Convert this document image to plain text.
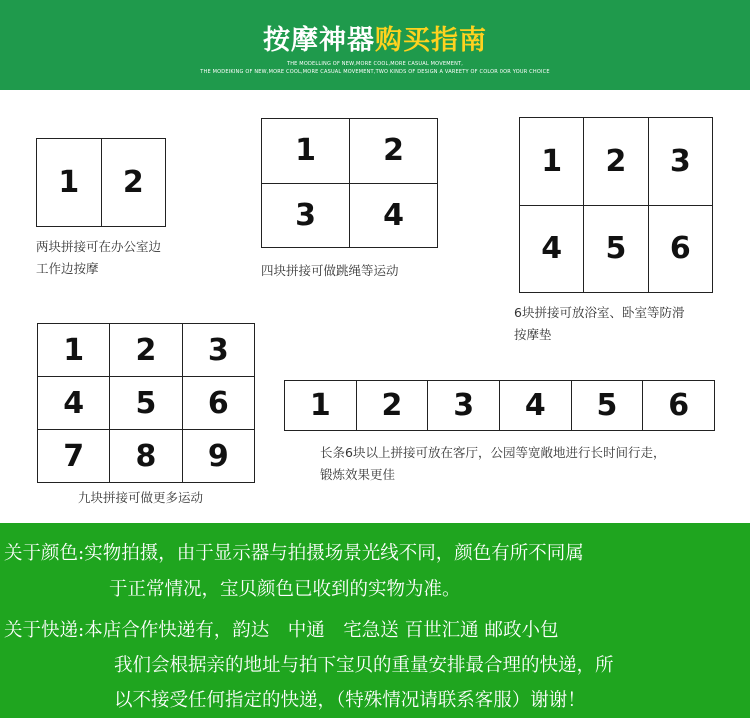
按摩神器购买指南
THE MODELLING OF NEW,MORE COOL,MORE CASUAL MOVEMENT,
THE MODEIKING OF NEW,MORE COOL,MORE CASUAL MOVEMENT,TWO KINDS OF DESIGN A VAREETY OF COLOR 0OR YOUR CHOICE
1	2
两块拼接可在办公室边
工作边按摩
1	2
3	4
四块拼接可做跳绳等运动
1	2	3
4	5	6
6块拼接可放浴室、卧室等防滑
按摩垫
1	2	3
4	5	6
7	8	9
九块拼接可做更多运动
1	2	3	4	5	6
长条6块以上拼接可放在客厅，公园等宽敞地进行长时间行走，
锻炼效果更佳
关于颜色:实物拍摄，由于显示器与拍摄场景光线不同，颜色有所不同属
于正常情况，宝贝颜色已收到的实物为准。
关于快递:本店合作快递有，韵达　中通　宅急送 百世汇通 邮政小包
我们会根据亲的地址与拍下宝贝的重量安排最合理的快递，所
以不接受任何指定的快递，（特殊情况请联系客服）谢谢！
